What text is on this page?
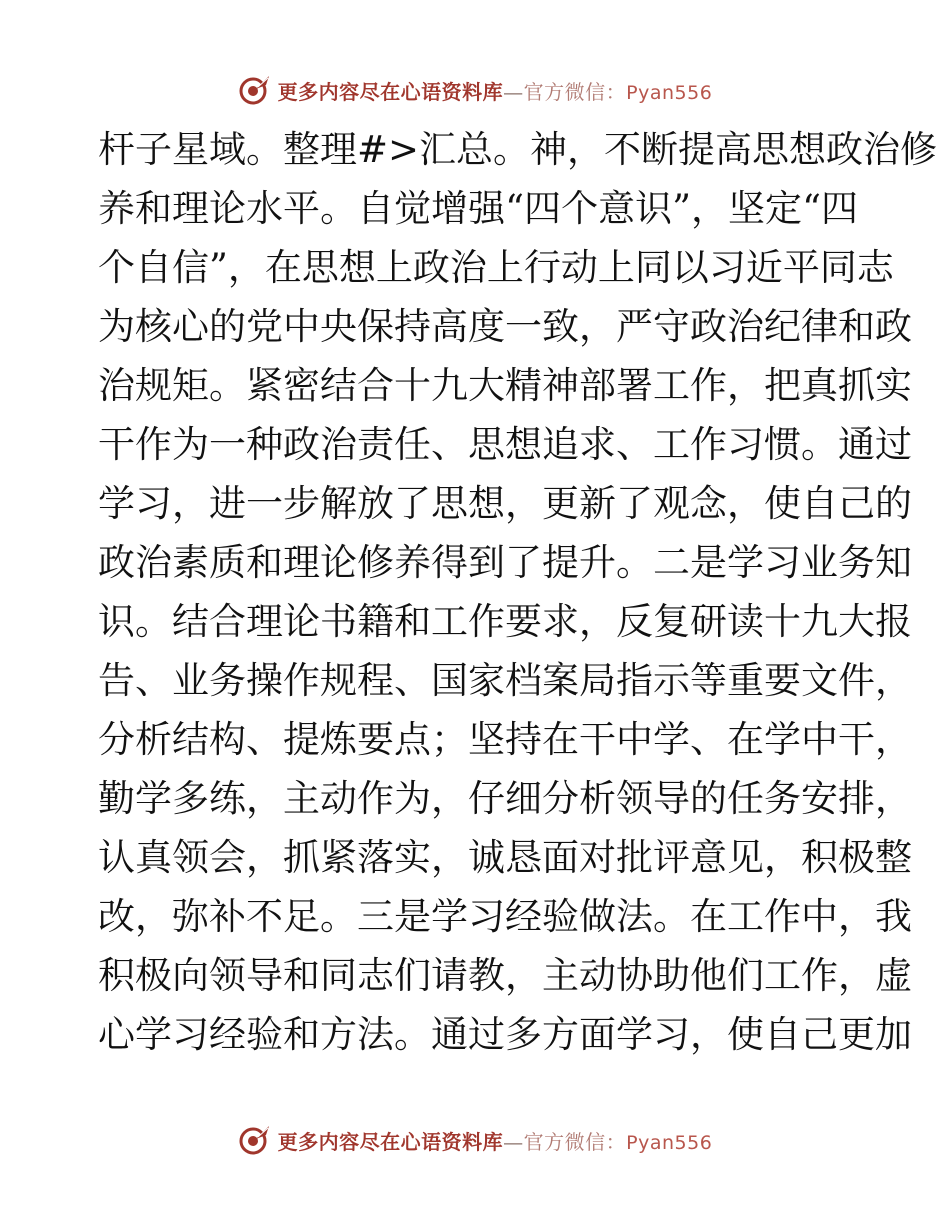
更多内容尽在心语资料库—官方微信：Pyan556
杆子星域。整理#>汇总。神，不断提高思想政治修
养和理论水平。自觉增强“四个意识”，坚定“四
个自信”，在思想上政治上行动上同以习近平同志
为核心的党中央保持高度一致，严守政治纪律和政
治规矩。紧密结合十九大精神部署工作，把真抓实
干作为一种政治责任、思想追求、工作习惯。通过
学习，进一步解放了思想，更新了观念，使自己的
政治素质和理论修养得到了提升。二是学习业务知
识。结合理论书籍和工作要求，反复研读十九大报
告、业务操作规程、国家档案局指示等重要文件，
分析结构、提炼要点；坚持在干中学、在学中干，
勤学多练，主动作为，仔细分析领导的任务安排，
认真领会，抓紧落实，诚恳面对批评意见，积极整
改，弥补不足。三是学习经验做法。在工作中，我
积极向领导和同志们请教，主动协助他们工作，虚
心学习经验和方法。通过多方面学习，使自己更加
更多内容尽在心语资料库—官方微信：Pyan556
